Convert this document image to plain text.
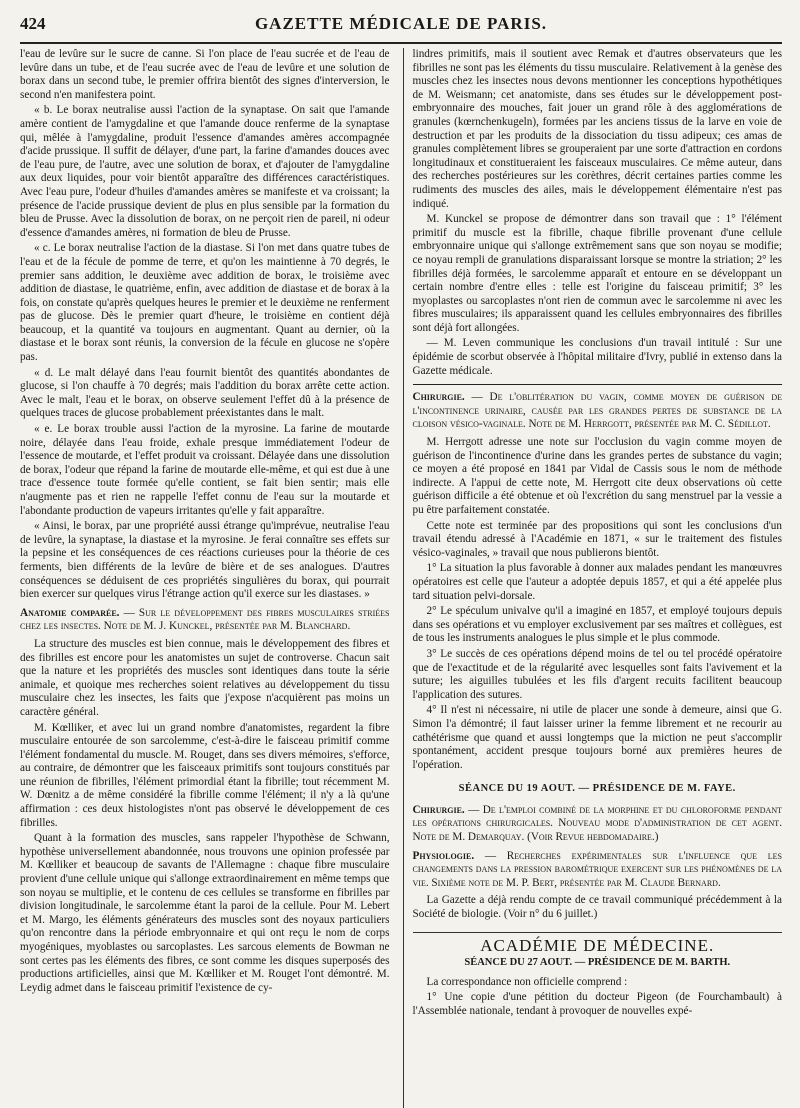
424	GAZETTE MÉDICALE DE PARIS.

l'eau de levûre sur le sucre de canne. Si l'on place de l'eau sucrée et de l'eau de levûre dans un tube, et de l'eau sucrée avec de l'eau de levûre et une solution de borax dans un second tube, le premier offrira bientôt des signes d'interversion, le second n'en manifestera point.

« b. Le borax neutralise aussi l'action de la synaptase. On sait que l'amande amère contient de l'amygdaline et que l'amande douce renferme de la synaptase qui, mêlée à l'amygdaline, produit l'essence d'amandes amères accompagnée d'acide prussique. Il suffit de délayer, d'une part, la farine d'amandes douces avec de l'eau pure, de l'autre, avec une solution de borax, et d'ajouter de l'amygdaline aux deux liquides, pour voir bientôt apparaître des différences caractéristiques. Avec l'eau pure, l'odeur d'huiles d'amandes amères se manifeste et va croissant; la présence de l'acide prussique devient de plus en plus sensible par la formation du bleu de Prusse. Avec la dissolution de borax, on ne perçoit rien de pareil, ni odeur d'essence d'amandes amères, ni formation de bleu de Prusse.

« c. Le borax neutralise l'action de la diastase. Si l'on met dans quatre tubes de l'eau et de la fécule de pomme de terre, et qu'on les maintienne à 70 degrés, le premier sans addition, le deuxième avec addition de borax, le troisième avec addition de diastase, le quatrième, enfin, avec addition de diastase et de borax à la fois, on constate qu'après quelques heures le premier et le deuxième ne renferment pas de glucose. Dès le premier quart d'heure, le troisième en contient déjà beaucoup, et la quantité va toujours en augmentant. Quant au dernier, où la diastase et le borax sont réunis, la conversion de la fécule en glucose ne s'opère pas.

« d. Le malt délayé dans l'eau fournit bientôt des quantités abondantes de glucose, si l'on chauffe à 70 degrés; mais l'addition du borax arrête cette action. Avec le malt, l'eau et le borax, on observe seulement l'effet dû à la présence de quelques traces de glucose probablement préexistantes dans le malt.

« e. Le borax trouble aussi l'action de la myrosine. La farine de moutarde noire, délayée dans l'eau froide, exhale presque immédiatement l'odeur de l'essence de moutarde, et l'effet produit va croissant. Délayée dans une dissolution de borax, l'odeur que répand la farine de moutarde elle-même, et qui est due à une trace d'essence toute formée qu'elle contient, se fait bien sentir; mais elle n'augmente pas et rien ne rappelle l'effet connu de l'eau sur la moutarde et l'abondante production de vapeurs irritantes qu'elle y fait apparaître.

« Ainsi, le borax, par une propriété aussi étrange qu'imprévue, neutralise l'eau de levûre, la synaptase, la diastase et la myrosine. Je ferai connaître ses effets sur la pepsine et les conséquences de ces réactions curieuses pour la théorie de ces ferments, bien différents de la levûre de bière et de ses analogues. D'autres conséquences se déduisent de ces propriétés singulières du borax, qui pourrait bien exercer sur quelques virus l'étrange action qu'il exerce sur les diastases. »

Anatomie comparée. — Sur le développement des fibres musculaires striées chez les insectes. Note de M. J. Kunckel, présentée par M. Blanchard.

La structure des muscles est bien connue, mais le développement des fibres et des fibrilles est encore pour les anatomistes un sujet de controverse. Chacun sait que la nature et les propriétés des muscles sont identiques dans toute la série animale, et quoique mes recherches soient relatives au développement du tissu musculaire chez les insectes, les faits que j'expose n'acquièrent pas moins un caractère général.

M. Kœlliker, et avec lui un grand nombre d'anatomistes, regardent la fibre musculaire entourée de son sarcolemme, c'est-à-dire le faisceau primitif comme l'élément fondamental du muscle. M. Rouget, dans ses divers mémoires, s'efforce, au contraire, de démontrer que les faisceaux primitifs sont toujours constitués par une réunion de fibrilles, l'élément primordial étant la fibrille; tout récemment M. W. Dœnitz a de même considéré la fibrille comme l'élément; il n'y a là qu'une affirmation : ces deux histologistes n'ont pas observé le développement de ces fibrilles.

Quant à la formation des muscles, sans rappeler l'hypothèse de Schwann, hypothèse universellement abandonnée, nous trouvons une opinion professée par M. Kœlliker et beaucoup de savants de l'Allemagne : chaque fibre musculaire provient d'une cellule unique qui s'allonge extraordinairement en même temps que son noyau se multiplie, et le contenu de ces cellules se transforme en fibrilles par division longitudinale, le sarcolemme étant la paroi de la cellule. Pour M. Lebert et M. Margo, les éléments générateurs des muscles sont des noyaux particuliers qu'on rencontre dans la période embryonnaire et qui ont reçu le nom de corps myogéniques, myoblastes ou sarcoplastes. Les sarcous elements de Bowman ne sont certes pas les éléments des fibres, ce sont comme les disques superposés des productions artificielles, ainsi que M. Kœlliker et M. Rouget l'ont démontré. M. Leydig admet dans le faisceau primitif l'existence de cy-

lindres primitifs, mais il soutient avec Remak et d'autres observateurs que les fibrilles ne sont pas les éléments du tissu musculaire. Relativement à la genèse des muscles chez les insectes nous devons mentionner les conceptions hypothétiques de M. Weismann; cet anatomiste, dans ses études sur le développement post-embryonnaire des mouches, fait jouer un grand rôle à des agglomérations de granules (kœrnchenkugeln), formées par les anciens tissus de la larve en voie de destruction et par les produits de la dissociation du tissu adipeux; ces amas de granules complètement libres se grouperaient par une sorte d'attraction en cordons longitudinaux et constitueraient les faisceaux musculaires. Ce même auteur, dans des recherches postérieures sur les corèthres, décrit certaines parties comme les rudiments des muscles des ailes, mais le développement élémentaire n'est pas indiqué.

M. Kunckel se propose de démontrer dans son travail que : 1° l'élément primitif du muscle est la fibrille, chaque fibrille provenant d'une cellule embryonnaire unique qui s'allonge extrêmement sans que son noyau se modifie; ce noyau rempli de granulations disparaissant lorsque se montre la striation; 2° les fibrilles déjà formées, le sarcolemme apparaît et entoure en se développant un certain nombre d'entre elles : telle est l'origine du faisceau primitif; 3° les myoplastes ou sarcoplastes n'ont rien de commun avec le sarcolemme ni avec les fibres musculaires; ils apparaissent quand les cellules embryonnaires des fibrilles sont déjà fort allongées.

— M. Leven communique les conclusions d'un travail intitulé : Sur une épidémie de scorbut observée à l'hôpital militaire d'Ivry, publié in extenso dans la Gazette médicale.

Chirurgie. — De l'oblitération du vagin, comme moyen de guérison de l'incontinence urinaire, causée par les grandes pertes de substance de la cloison vésico-vaginale. Note de M. Herrgott, présentée par M. C. Sédillot.

M. Herrgott adresse une note sur l'occlusion du vagin comme moyen de guérison de l'incontinence d'urine dans les grandes pertes de substance du vagin; ce moyen a été proposé en 1841 par Vidal de Cassis sous le nom de méthode indirecte. A l'appui de cette note, M. Herrgott cite deux observations où cette guérison difficile a été obtenue et où l'excrétion du sang menstruel par la vessie a pu être parfaitement constatée.

Cette note est terminée par des propositions qui sont les conclusions d'un travail étendu adressé à l'Académie en 1871, « sur le traitement des fistules vésico-vaginales, » travail que nous publierons bientôt.

1° La situation la plus favorable à donner aux malades pendant les manœuvres opératoires est celle que l'auteur a adoptée depuis 1857, et qui a été appelée plus tard situation pelvi-dorsale.

2° Le spéculum univalve qu'il a imaginé en 1857, et employé toujours depuis dans ses opérations et vu employer exclusivement par ses maîtres et collègues, est de tous les instruments analogues le plus simple et le plus commode.

3° Le succès de ces opérations dépend moins de tel ou tel procédé opératoire que de l'exactitude et de la régularité avec lesquelles sont faits l'avivement et la suture; les aiguilles tubulées et les fils d'argent recuits facilitent beaucoup l'application des sutures.

4° Il n'est ni nécessaire, ni utile de placer une sonde à demeure, ainsi que G. Simon l'a démontré; il faut laisser uriner la femme librement et ne recourir au cathétérisme que quand et aussi longtemps que la miction ne peut s'accomplir spontanément, accident presque toujours borné aux premières heures de l'opération.

SÉANCE DU 19 AOUT. — PRÉSIDENCE DE M. FAYE.
Chirurgie. — De l'emploi combiné de la morphine et du chloroforme pendant les opérations chirurgicales. Nouveau mode d'administration de cet agent. Note de M. Demarquay. (Voir Revue hebdomadaire.)
Physiologie. — Recherches expérimentales sur l'influence que les changements dans la pression barométrique exercent sur les phénomènes de la vie. Sixième note de M. P. Bert, présentée par M. Claude Bernard.

La Gazette a déjà rendu compte de ce travail communiqué précédemment à la Société de biologie. (Voir n° du 6 juillet.)

ACADÉMIE DE MÉDECINE.
SÉANCE DU 27 AOUT. — PRÉSIDENCE DE M. BARTH.

La correspondance non officielle comprend :

1° Une copie d'une pétition du docteur Pigeon (de Fourchambault) à l'Assemblée nationale, tendant à provoquer de nouvelles expé-
